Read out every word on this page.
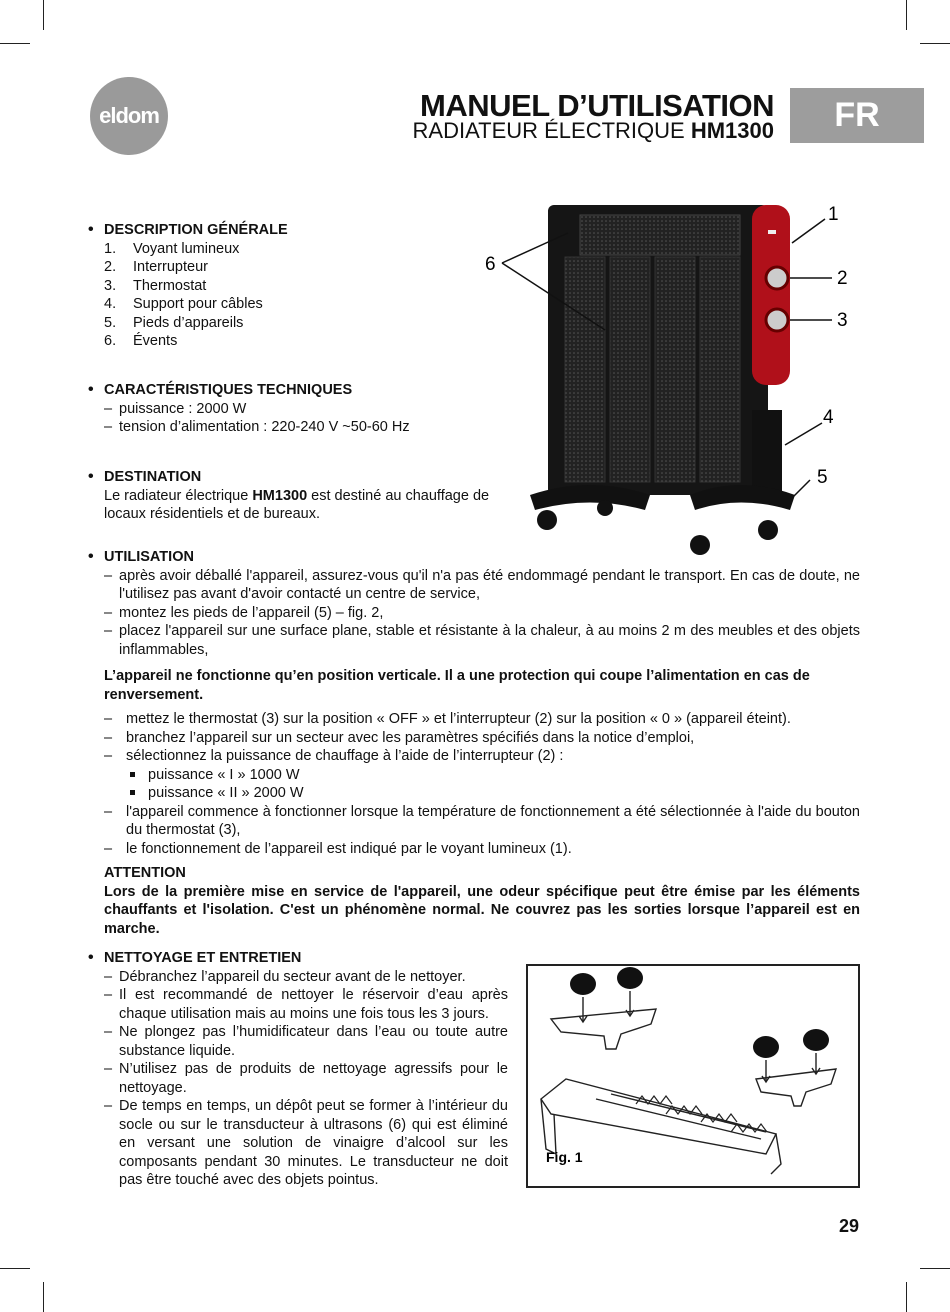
eldom	MANUEL D’UTILISATION
RADIATEUR ÉLECTRIQUE HM1300	FR
1
2
3
4
5
6
• DESCRIPTION GÉNÉRALE
1. Voyant lumineux
2. Interrupteur
3. Thermostat
4. Support pour câbles
5. Pieds d’appareils
6. Évents
• CARACTÉRISTIQUES TECHNIQUES
– puissance : 2000 W
– tension d’alimentation : 220-240 V ~50-60 Hz
• DESTINATION
Le radiateur électrique HM1300 est destiné au chauffage de locaux résidentiels et de bureaux.
• UTILISATION
– après avoir déballé l'appareil, assurez-vous qu'il n'a pas été endommagé pendant le transport. En cas de doute, ne l'utilisez pas avant d'avoir contacté un centre de service,
– montez les pieds de l’appareil (5) – fig. 2,
– placez l'appareil sur une surface plane, stable et résistante à la chaleur, à au moins 2 m des meubles et des objets inflammables,
L’appareil ne fonctionne qu’en position verticale. Il a une protection qui coupe l’alimentation en cas de renversement.
– mettez le thermostat (3) sur la position « OFF » et l’interrupteur (2) sur la position « 0 » (appareil éteint).
– branchez l’appareil sur un secteur avec les paramètres spécifiés dans la notice d’emploi,
– sélectionnez la puissance de chauffage à l’aide de l’interrupteur (2) :
puissance « I » 1000 W
puissance « II » 2000 W
– l'appareil commence à fonctionner lorsque la température de fonctionnement a été sélectionnée à l'aide du bouton du thermostat (3),
– le fonctionnement de l’appareil est indiqué par le voyant lumineux (1).
ATTENTION
Lors de la première mise en service de l'appareil, une odeur spécifique peut être émise par les éléments chauffants et l'isolation. C'est un phénomène normal. Ne couvrez pas les sorties lorsque l’appareil est en marche.
• NETTOYAGE ET ENTRETIEN
– Débranchez l’appareil du secteur avant de le nettoyer.
– Il est recommandé de nettoyer le réservoir d’eau après chaque utilisation mais au moins une fois tous les 3 jours.
– Ne plongez pas l’humidificateur dans l’eau ou toute autre substance liquide.
– N’utilisez pas de produits de nettoyage agressifs pour le nettoyage.
– De temps en temps, un dépôt peut se former à l’intérieur du socle ou sur le transducteur à ultrasons (6) qui est éliminé en versant une solution de vinaigre d’alcool sur les composants pendant 30 minutes. Le transducteur ne doit pas être touché avec des objets pointus.
Fig. 1
29
